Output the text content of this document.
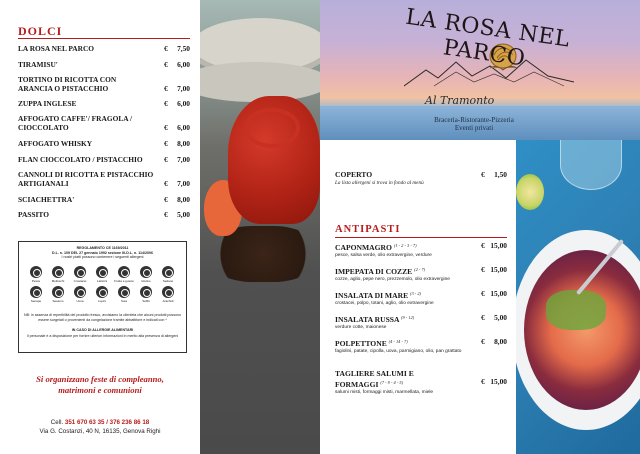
DOLCI
LA ROSA NEL PARCO	€ 7,50
TIRAMISU'	€ 6,00
TORTINO DI RICOTTA CON ARANCIA O PISTACCHIO	€ 7,00
ZUPPA INGLESE	€ 6,00
AFFOGATO CAFFE'/ FRAGOLA / CIOCCOLATO	€ 6,00
AFFOGATO WHISKY	€ 8,00
FLAN CIOCCOLATO / PISTACCHIO	€ 7,00
CANNOLI DI RICOTTA E PISTACCHIO ARTIGIANALI	€ 7,00
SCIACHETTRA'	€ 8,00
PASSITO	€ 5,00
REGOLAMENTO CE 1169/2011
D.L. n. 109 DEL 27 gennaio 1992 sezione III-D.L. n. 114/2006
I nostri piatti possono contenere i seguenti allergeni
Pesce	Molluschi	Crostacei	Latticini	Frutta a guscio	Glutine	Sedano
Senape	Sesamo	Uova	Lupini	Soia	Solfiti	Arachidi
NB: in assenza di reperibilità del prodotto fresco, avvisiamo la clientela che alcuni prodotti possono essere surgelati o provenienti da congelazione tramite abbattitore e indicati con *
IN CASO DI ALLERGIE ALIMENTARI
Il personale è a disposizione per fornire ulteriori informazioni in merito alla presenza di allergeni
Si organizzano feste di compleanno,
matrimoni e comunioni
Cell. 351 670 63 35 / 376 236 86 18
Via G. Costanzi, 40 N, 16135, Genova Righi
LA ROSA NEL PARCO
Al Tramonto
Braceria-Ristorante-Pizzeria
Eventi privati
COPERTO
La lista allergeni si trova in fondo al menù
€ 1,50
ANTIPASTI
CAPONMAGRO $^{(1 - 2 - 3 - 7)}$
pesce, salsa verde, olio extravergine, verdure
€ 15,00
IMPEPATA DI COZZE $^{(2 - 7)}$
cozze, aglio, pepe nero, prezzemolo, olio extravergine
€ 15,00
INSALATA DI MARE $^{(3 - 2)}$
crostacei, polpo, totani, aglio, olio extravergine
€ 15,00
INSALATA RUSSA $^{(9 - 12)}$
verdure cotte, maionese
€ 5,00
POLPETTONE $^{(4 - 14 - 7)}$
fagiolini, patate, cipolla, uova, parmigiano, olio, pan grattato
€ 8,00
TAGLIERE SALUMI E FORMAGGI $^{(7 - 9 - 4 - 5)}$
salumi misti, formaggi misti, marmellata, miele
€ 15,00
